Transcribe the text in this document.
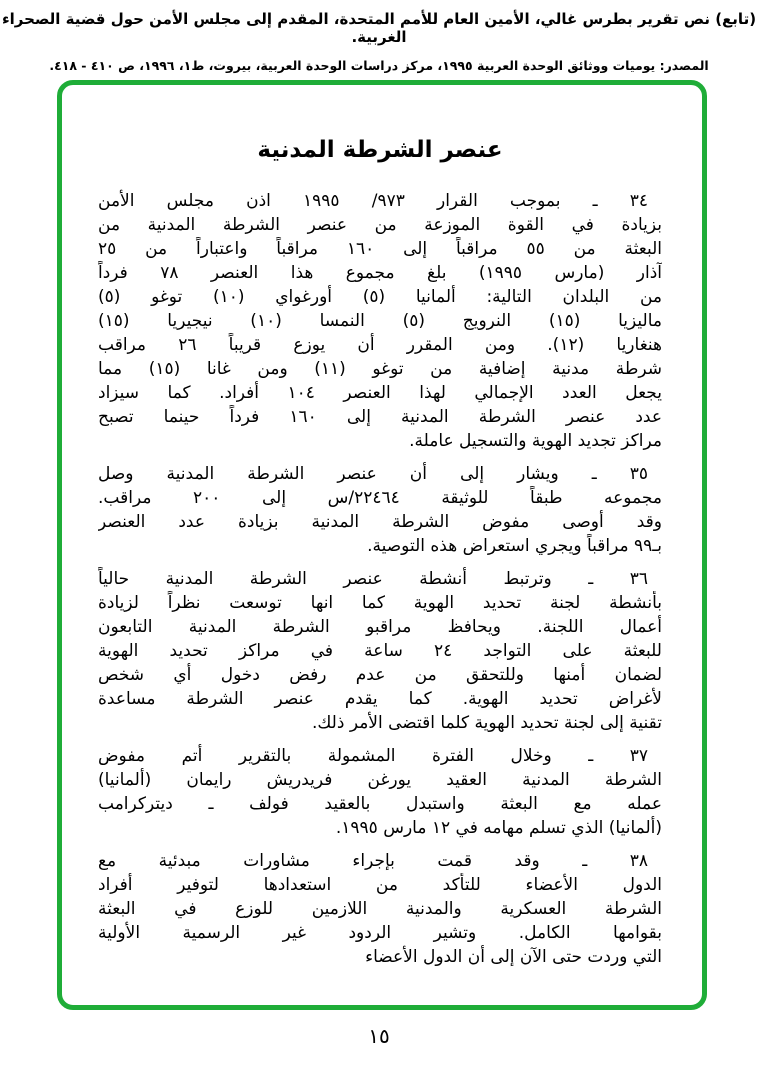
(تابع) نص تقرير بطرس غالي، الأمين العام للأمم المتحدة، المقدم إلى مجلس الأمن حول قضية الصحراء الغربية.
المصدر: يوميات ووثائق الوحدة العربية ١٩٩٥، مركز دراسات الوحدة العربية، بيروت، ط١، ١٩٩٦، ص ٤١٠ - ٤١٨.
عنصر الشرطة المدنية
٣٤ ـ بموجب القرار ٩٧٣/ ١٩٩٥ اذن مجلس الأمن
بزيادة في القوة الموزعة من عنصر الشرطة المدنية من
البعثة من ٥٥ مراقباً إلى ١٦٠ مراقباً واعتباراً من ٢٥
آذار (مارس ١٩٩٥) بلغ مجموع هذا العنصر ٧٨ فرداً
من البلدان التالية: ألمانيا (٥) أورغواي (١٠) توغو (٥)
ماليزيا (١٥) النرويج (٥) النمسا (١٠) نيجيريا (١٥)
هنغاريا (١٢). ومن المقرر أن يوزع قريباً ٢٦ مراقب
شرطة مدنية إضافية من توغو (١١) ومن غانا (١٥) مما
يجعل العدد الإجمالي لهذا العنصر ١٠٤ أفراد. كما سيزاد
عدد عنصر الشرطة المدنية إلى ١٦٠ فرداً حينما تصبح
مراكز تجديد الهوية والتسجيل عاملة.
٣٥ ـ ويشار إلى أن عنصر الشرطة المدنية وصل
مجموعه طبقاً للوثيقة ٢٢٤٦٤/س إلى ٢٠٠ مراقب.
وقد أوصى مفوض الشرطة المدنية بزيادة عدد العنصر
بـ٩٩ مراقباً ويجري استعراض هذه التوصية.
٣٦ ـ وترتبط أنشطة عنصر الشرطة المدنية حالياً
بأنشطة لجنة تحديد الهوية كما انها توسعت نظراً لزيادة
أعمال اللجنة. ويحافظ مراقبو الشرطة المدنية التابعون
للبعثة على التواجد ٢٤ ساعة في مراكز تحديد الهوية
لضمان أمنها وللتحقق من عدم رفض دخول أي شخص
لأغراض تحديد الهوية. كما يقدم عنصر الشرطة مساعدة
تقنية إلى لجنة تحديد الهوية كلما اقتضى الأمر ذلك.
٣٧ ـ وخلال الفترة المشمولة بالتقرير أتم مفوض
الشرطة المدنية العقيد يورغن فريدريش رايمان (ألمانيا)
عمله مع البعثة واستبدل بالعقيد فولف ـ ديتركرامب
(ألمانيا) الذي تسلم مهامه في ١٢ مارس ١٩٩٥.
٣٨ ـ وقد قمت بإجراء مشاورات مبدئية مع
الدول الأعضاء للتأكد من استعدادها لتوفير أفراد
الشرطة العسكرية والمدنية اللازمين للوزع في البعثة
بقوامها الكامل. وتشير الردود غير الرسمية الأولية
التي وردت حتى الآن إلى أن الدول الأعضاء
١٥
